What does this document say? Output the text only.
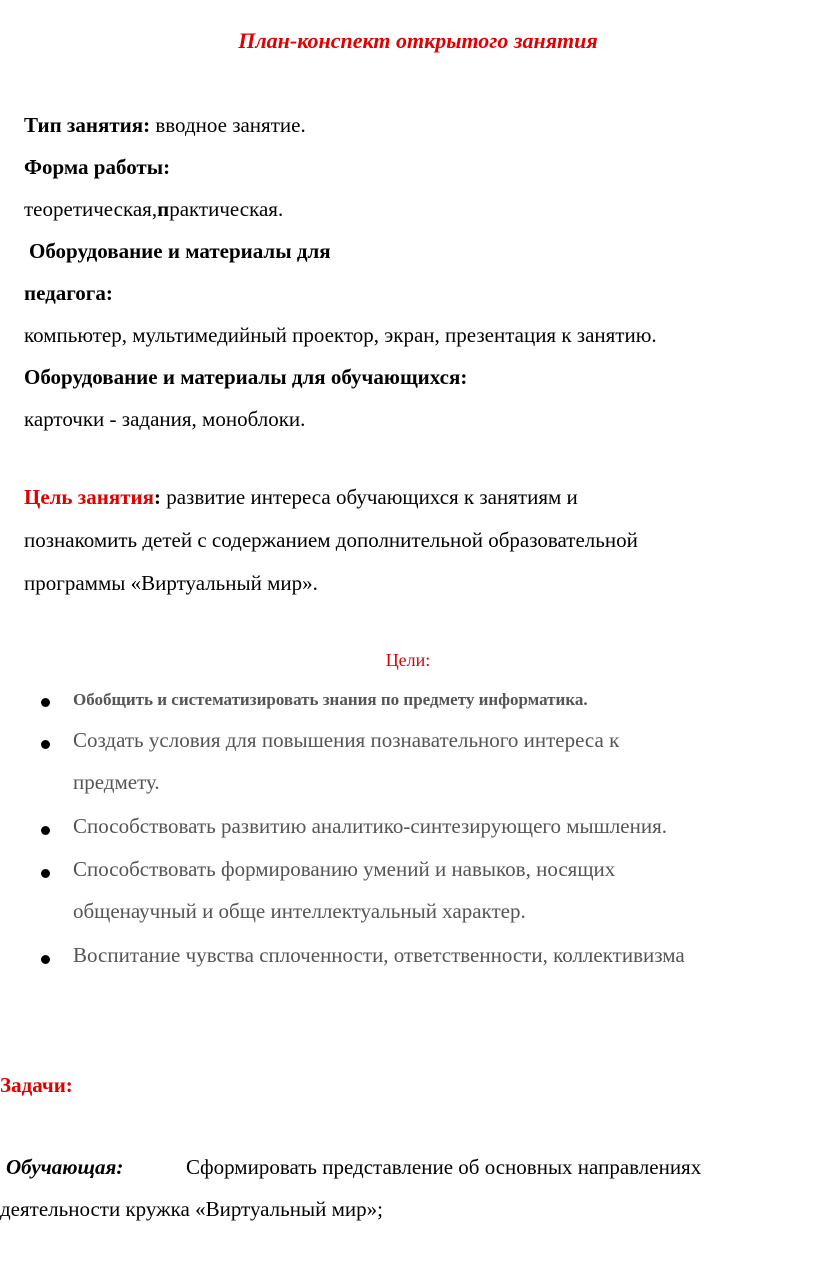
План-конспект открытого занятия
Тип занятия: вводное занятие.
Форма работы:
теоретическая,практическая.
Оборудование и материалы для
педагога:
компьютер, мультимедийный проектор, экран, презентация к занятию.
Оборудование и материалы для обучающихся:
карточки - задания, моноблоки.
Цель занятия: развитие интереса обучающихся к занятиям и
познакомить детей с содержанием дополнительной образовательной
программы «Виртуальный мир».
Цели:
Обобщить и систематизировать знания по предмету информатика.
Создать условия для повышения познавательного интереса к
предмету.
Способствовать развитию аналитико-синтезирующего мышления.
Способствовать формированию умений и навыков, носящих
общенаучный и обще интеллектуальный характер.
Воспитание чувства сплоченности, ответственности, коллективизма
Задачи:
Обучающая:	Сформировать представление об основных направлениях
деятельности кружка «Виртуальный мир»;
